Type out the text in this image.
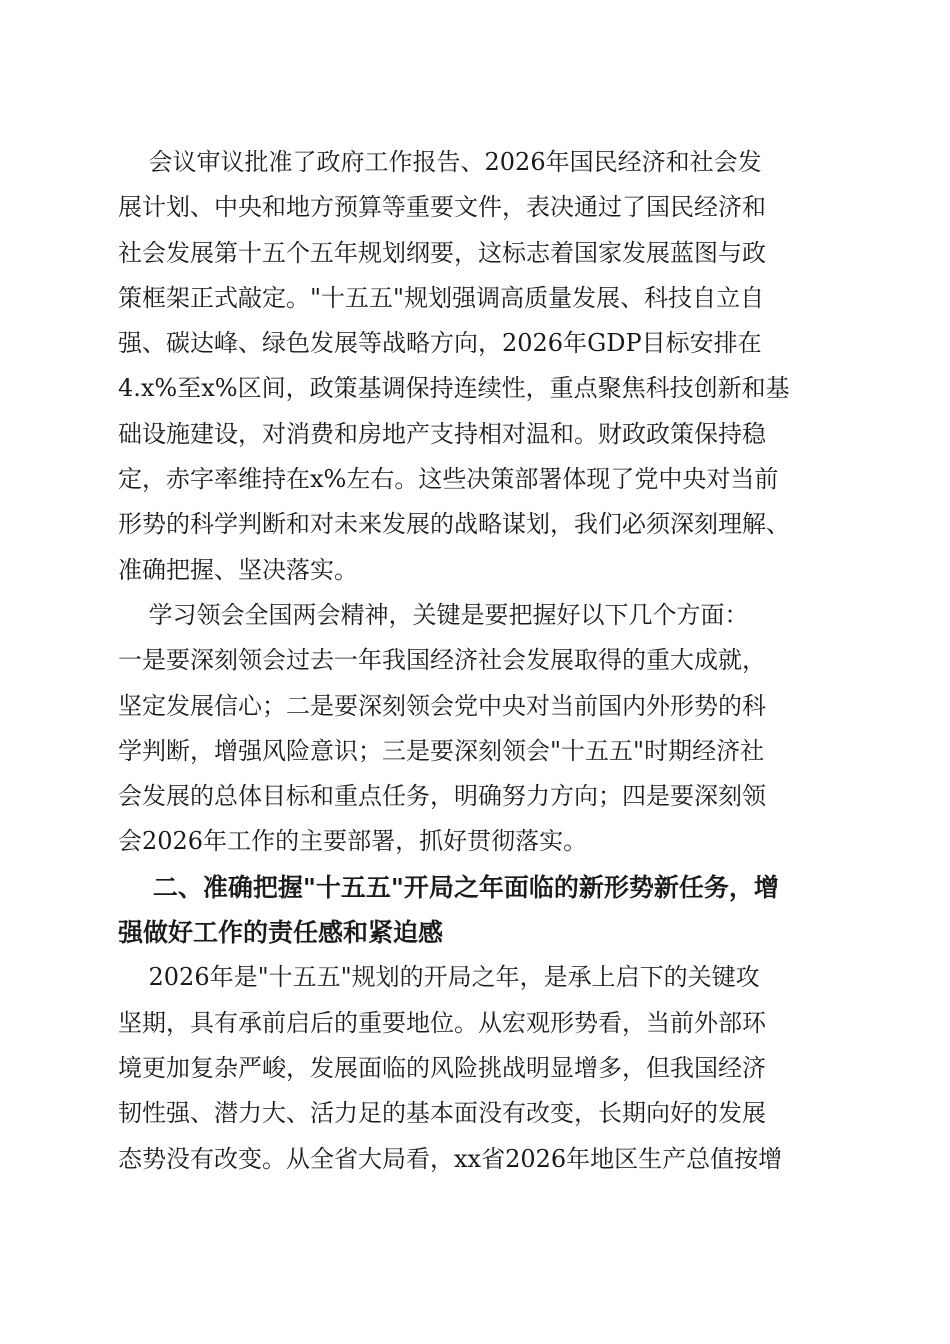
会议审议批准了政府工作报告、2026年国民经济和社会发
展计划、中央和地方预算等重要文件，表决通过了国民经济和
社会发展第十五个五年规划纲要，这标志着国家发展蓝图与政
策框架正式敲定。"十五五"规划强调高质量发展、科技自立自
强、碳达峰、绿色发展等战略方向，2026年GDP目标安排在
4.x%至x%区间，政策基调保持连续性，重点聚焦科技创新和基
础设施建设，对消费和房地产支持相对温和。财政政策保持稳
定，赤字率维持在x%左右。这些决策部署体现了党中央对当前
形势的科学判断和对未来发展的战略谋划，我们必须深刻理解、
准确把握、坚决落实。
学习领会全国两会精神，关键是要把握好以下几个方面：
一是要深刻领会过去一年我国经济社会发展取得的重大成就，
坚定发展信心；二是要深刻领会党中央对当前国内外形势的科
学判断，增强风险意识；三是要深刻领会"十五五"时期经济社
会发展的总体目标和重点任务，明确努力方向；四是要深刻领
会2026年工作的主要部署，抓好贯彻落实。
二、准确把握"十五五"开局之年面临的新形势新任务，增
强做好工作的责任感和紧迫感
2026年是"十五五"规划的开局之年，是承上启下的关键攻
坚期，具有承前启后的重要地位。从宏观形势看，当前外部环
境更加复杂严峻，发展面临的风险挑战明显增多，但我国经济
韧性强、潜力大、活力足的基本面没有改变，长期向好的发展
态势没有改变。从全省大局看，xx省2026年地区生产总值按增
